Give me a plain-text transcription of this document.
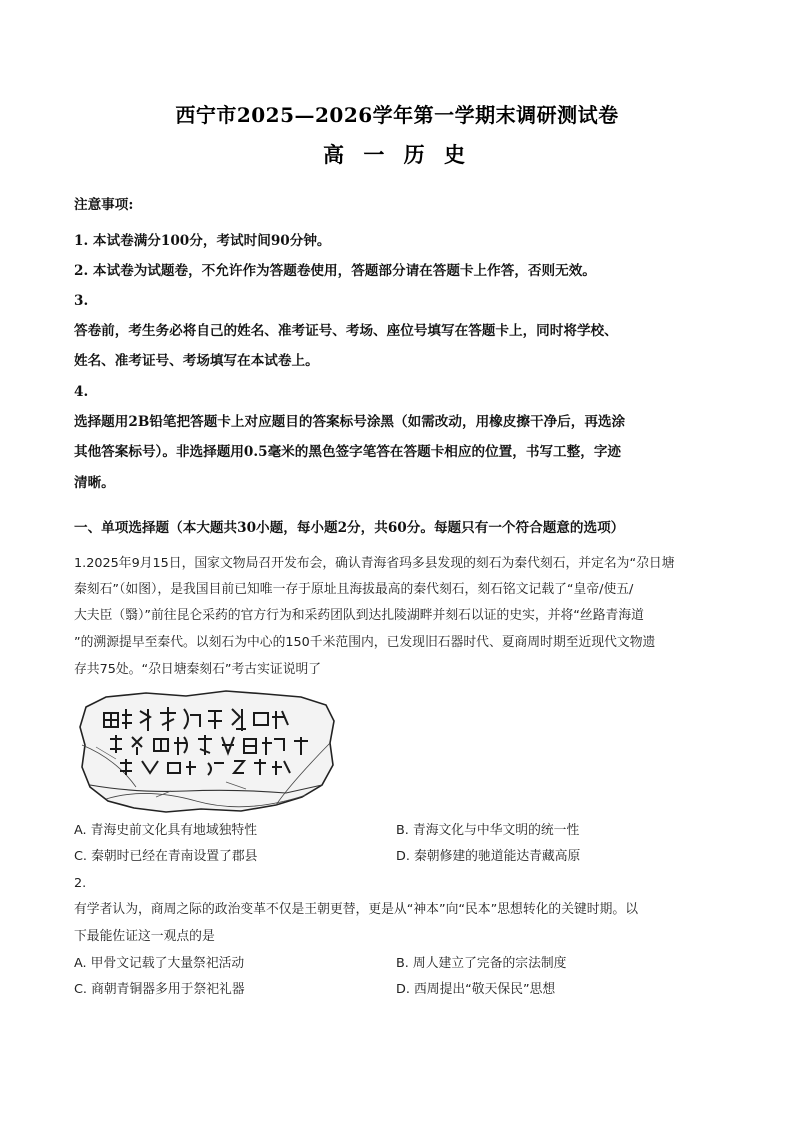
西宁市2025—2026学年第一学期末调研测试卷
高 一 历 史
注意事项:
1. 本试卷满分100分，考试时间90分钟。
2. 本试卷为试题卷，不允许作为答题卷使用，答题部分请在答题卡上作答，否则无效。
3.
答卷前，考生务必将自己的姓名、准考证号、考场、座位号填写在答题卡上，同时将学校、
姓名、准考证号、考场填写在本试卷上。
4.
选择题用2B铅笔把答题卡上对应题目的答案标号涂黑（如需改动，用橡皮擦干净后，再选涂
其他答案标号）。非选择题用0.5毫米的黑色签字笔答在答题卡相应的位置，书写工整，字迹
清晰。
一、单项选择题（本大题共30小题，每小题2分，共60分。每题只有一个符合题意的选项）
1.2025年9月15日，国家文物局召开发布会，确认青海省玛多县发现的刻石为秦代刻石，并定名为“尕日塘
秦刻石”（如图），是我国目前已知唯一存于原址且海拔最高的秦代刻石，刻石铭文记载了“皇帝/使五/
大夫臣（翳）”前往昆仑采药的官方行为和采药团队到达扎陵湖畔并刻石以证的史实，并将“丝路青海道
”的溯源提早至秦代。以刻石为中心的150千米范围内，已发现旧石器时代、夏商周时期至近现代文物遗
存共75处。“尕日塘秦刻石”考古实证说明了
A. 青海史前文化具有地域独特性	B. 青海文化与中华文明的统一性
C. 秦朝时已经在青南设置了郡县	D. 秦朝修建的驰道能达青藏高原
2.
有学者认为，商周之际的政治变革不仅是王朝更替，更是从“神本”向“民本”思想转化的关键时期。以
下最能佐证这一观点的是
A. 甲骨文记载了大量祭祀活动	B. 周人建立了完备的宗法制度
C. 商朝青铜器多用于祭祀礼器	D. 西周提出“敬天保民”思想
